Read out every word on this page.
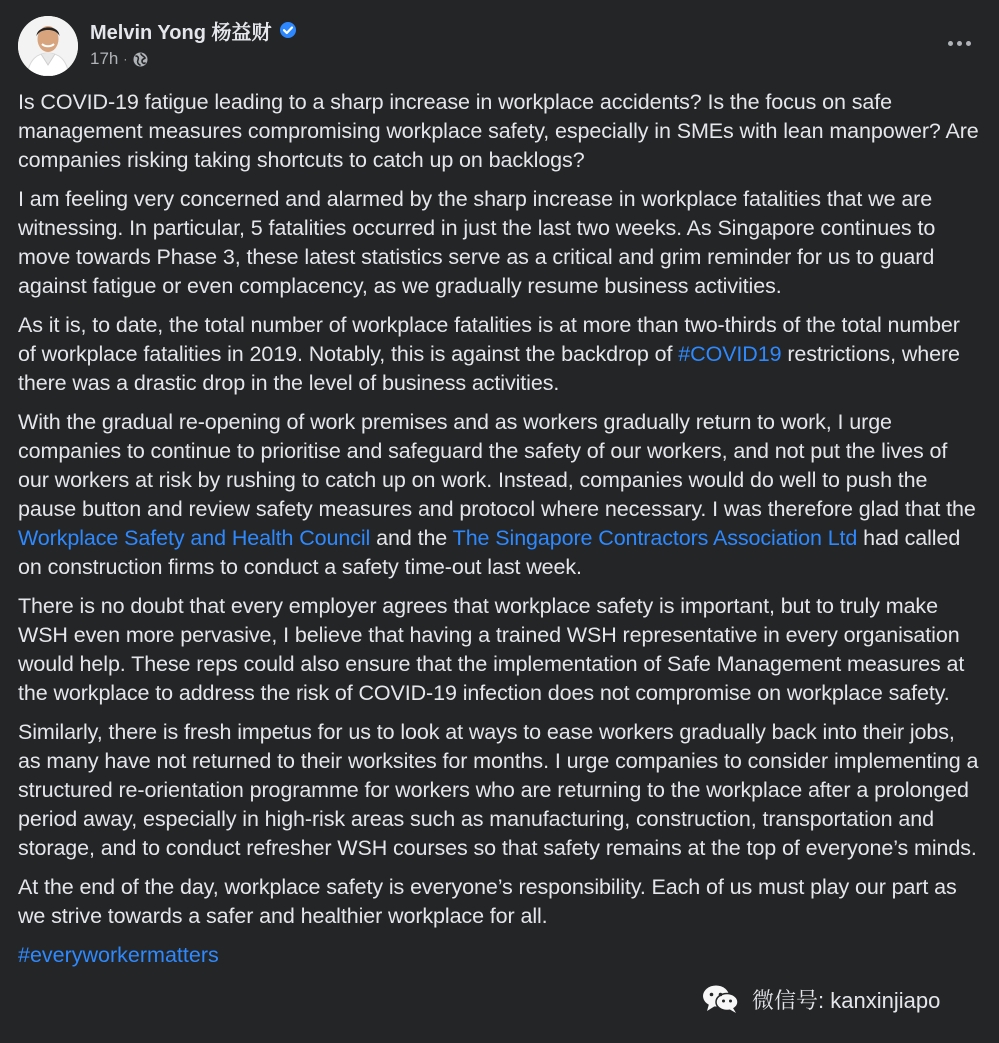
Melvin Yong 杨益财
17h ·

Is COVID-19 fatigue leading to a sharp increase in workplace accidents? Is the focus on safe management measures compromising workplace safety, especially in SMEs with lean manpower? Are companies risking taking shortcuts to catch up on backlogs?

I am feeling very concerned and alarmed by the sharp increase in workplace fatalities that we are witnessing. In particular, 5 fatalities occurred in just the last two weeks. As Singapore continues to move towards Phase 3, these latest statistics serve as a critical and grim reminder for us to guard against fatigue or even complacency, as we gradually resume business activities.

As it is, to date, the total number of workplace fatalities is at more than two-thirds of the total number of workplace fatalities in 2019. Notably, this is against the backdrop of #COVID19 restrictions, where there was a drastic drop in the level of business activities.

With the gradual re-opening of work premises and as workers gradually return to work, I urge companies to continue to prioritise and safeguard the safety of our workers, and not put the lives of our workers at risk by rushing to catch up on work. Instead, companies would do well to push the pause button and review safety measures and protocol where necessary. I was therefore glad that the Workplace Safety and Health Council and the The Singapore Contractors Association Ltd had called on construction firms to conduct a safety time-out last week.

There is no doubt that every employer agrees that workplace safety is important, but to truly make WSH even more pervasive, I believe that having a trained WSH representative in every organisation would help. These reps could also ensure that the implementation of Safe Management measures at the workplace to address the risk of COVID-19 infection does not compromise on workplace safety.

Similarly, there is fresh impetus for us to look at ways to ease workers gradually back into their jobs, as many have not returned to their worksites for months. I urge companies to consider implementing a structured re-orientation programme for workers who are returning to the workplace after a prolonged period away, especially in high-risk areas such as manufacturing, construction, transportation and storage, and to conduct refresher WSH courses so that safety remains at the top of everyone’s minds.

At the end of the day, workplace safety is everyone’s responsibility. Each of us must play our part as we strive towards a safer and healthier workplace for all.

#everyworkermatters
微信号: kanxinjiapo
